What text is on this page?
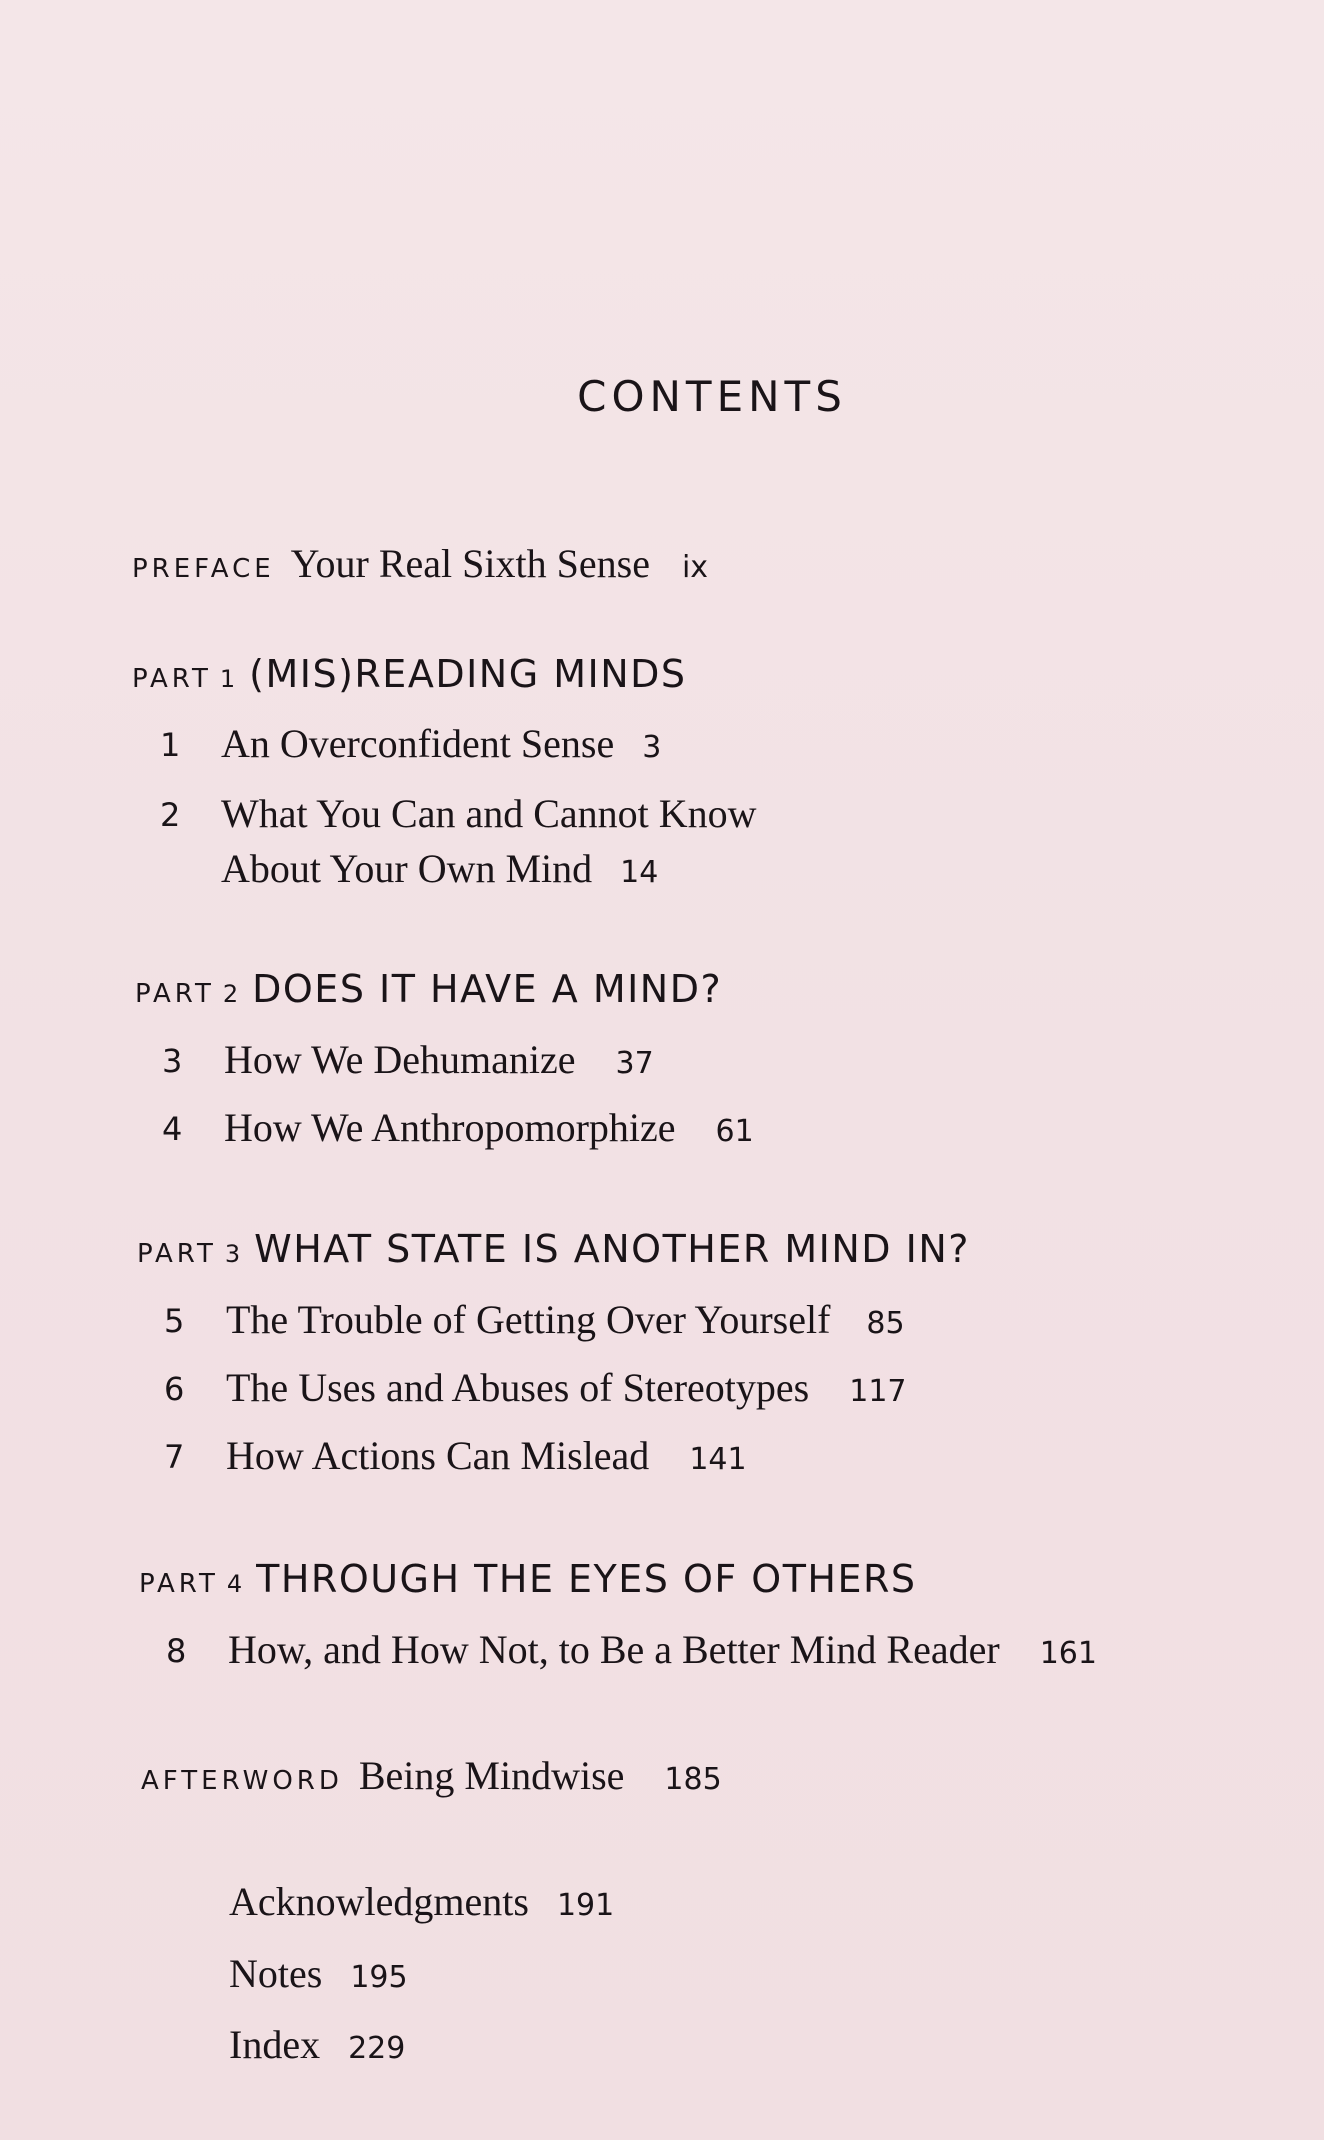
CONTENTS
PREFACE Your Real Sixth Sense ix
PART 1 (MIS)READING MINDS
1 An Overconfident Sense 3
2 What You Can and Cannot Know
About Your Own Mind 14
PART 2 DOES IT HAVE A MIND?
3 How We Dehumanize 37
4 How We Anthropomorphize 61
PART 3 WHAT STATE IS ANOTHER MIND IN?
5 The Trouble of Getting Over Yourself 85
6 The Uses and Abuses of Stereotypes 117
7 How Actions Can Mislead 141
PART 4 THROUGH THE EYES OF OTHERS
8 How, and How Not, to Be a Better Mind Reader 161
AFTERWORD Being Mindwise 185
Acknowledgments 191
Notes 195
Index 229
